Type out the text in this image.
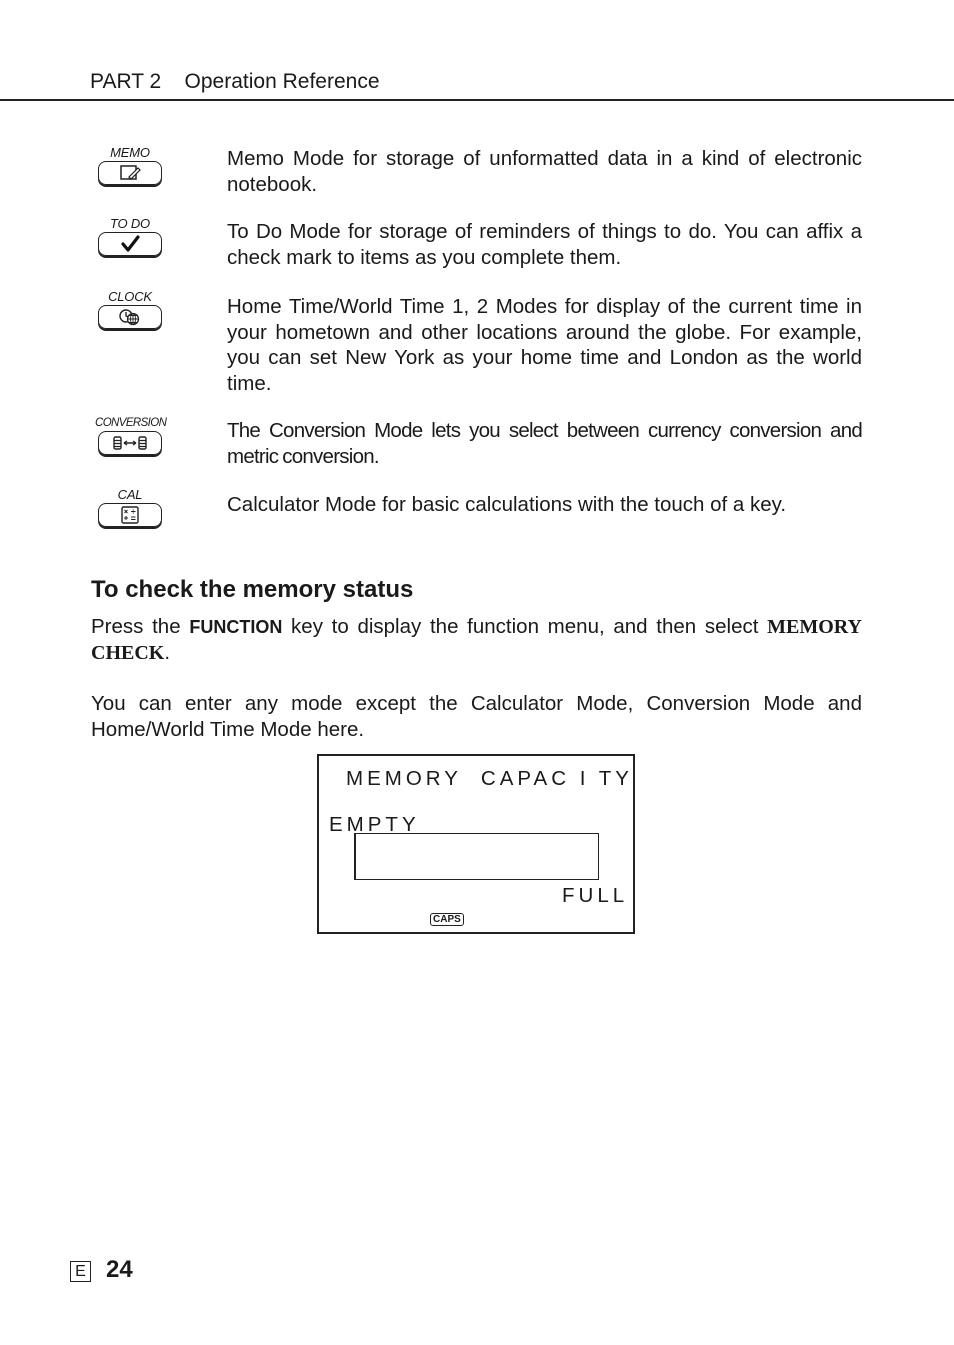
PART 2 Operation Reference
MEMO	Memo Mode for storage of unformatted data in a kind of electronic notebook.
TO DO	To Do Mode for storage of reminders of things to do. You can affix a check mark to items as you complete them.
CLOCK	Home Time/World Time 1, 2 Modes for display of the current time in your hometown and other locations around the globe. For example, you can set New York as your home time and London as the world time.
CONVERSION	The Conversion Mode lets you select between currency conversion and metric conversion.
CAL	Calculator Mode for basic calculations with the touch of a key.
To check the memory status
Press the FUNCTION key to display the function menu, and then select MEMORY CHECK.
You can enter any mode except the Calculator Mode, Conversion Mode and Home/World Time Mode here.
MEMORY  CAPAC I TY
EMPTY
FULL
CAPS
E 24
